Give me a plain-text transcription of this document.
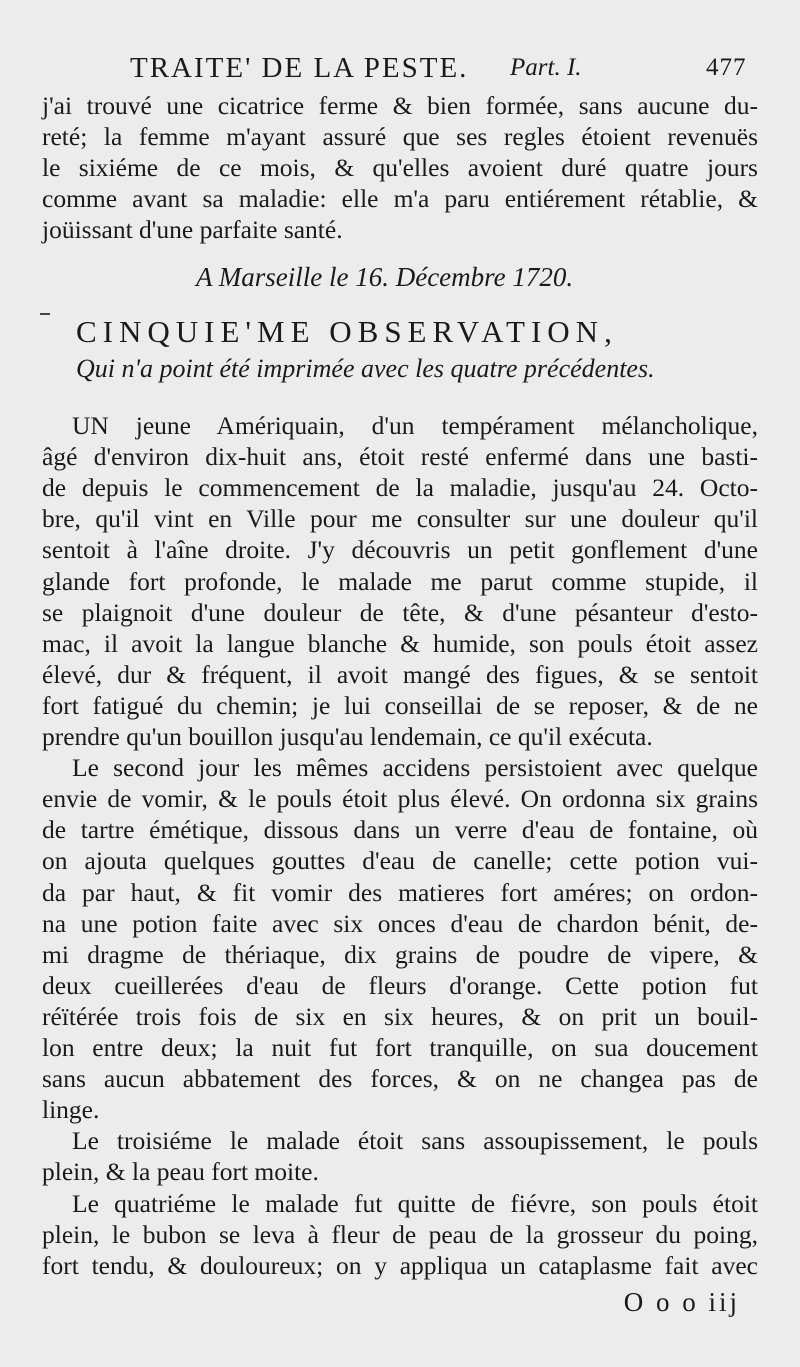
TRAITE' DE LA PESTE. Part. I.	477
j'ai trouvé une cicatrice ferme & bien formée, sans aucune du-
reté; la femme m'ayant assuré que ses regles étoient revenuës
le sixiéme de ce mois, & qu'elles avoient duré quatre jours
comme avant sa maladie: elle m'a paru entiérement rétablie, &
joüissant d'une parfaite santé.
A Marseille le 16. Décembre 1720.
CINQUIE'ME OBSERVATION,
Qui n'a point été imprimée avec les quatre précédentes.
UN jeune Amériquain, d'un tempérament mélancholique,
âgé d'environ dix-huit ans, étoit resté enfermé dans une basti-
de depuis le commencement de la maladie, jusqu'au 24. Octo-
bre, qu'il vint en Ville pour me consulter sur une douleur qu'il
sentoit à l'aîne droite. J'y découvris un petit gonflement d'une
glande fort profonde, le malade me parut comme stupide, il
se plaignoit d'une douleur de tête, & d'une pésanteur d'esto-
mac, il avoit la langue blanche & humide, son pouls étoit assez
élevé, dur & fréquent, il avoit mangé des figues, & se sentoit
fort fatigué du chemin; je lui conseillai de se reposer, & de ne
prendre qu'un bouillon jusqu'au lendemain, ce qu'il exécuta.
Le second jour les mêmes accidens persistoient avec quelque
envie de vomir, & le pouls étoit plus élevé. On ordonna six grains
de tartre émétique, dissous dans un verre d'eau de fontaine, où
on ajouta quelques gouttes d'eau de canelle; cette potion vui-
da par haut, & fit vomir des matieres fort améres; on ordon-
na une potion faite avec six onces d'eau de chardon bénit, de-
mi dragme de thériaque, dix grains de poudre de vipere, &
deux cueillerées d'eau de fleurs d'orange. Cette potion fut
réïtérée trois fois de six en six heures, & on prit un bouil-
lon entre deux; la nuit fut fort tranquille, on sua doucement
sans aucun abbatement des forces, & on ne changea pas de
linge.
Le troisiéme le malade étoit sans assoupissement, le pouls
plein, & la peau fort moite.
Le quatriéme le malade fut quitte de fiévre, son pouls étoit
plein, le bubon se leva à fleur de peau de la grosseur du poing,
fort tendu, & douloureux; on y appliqua un cataplasme fait avec
O o o iij
